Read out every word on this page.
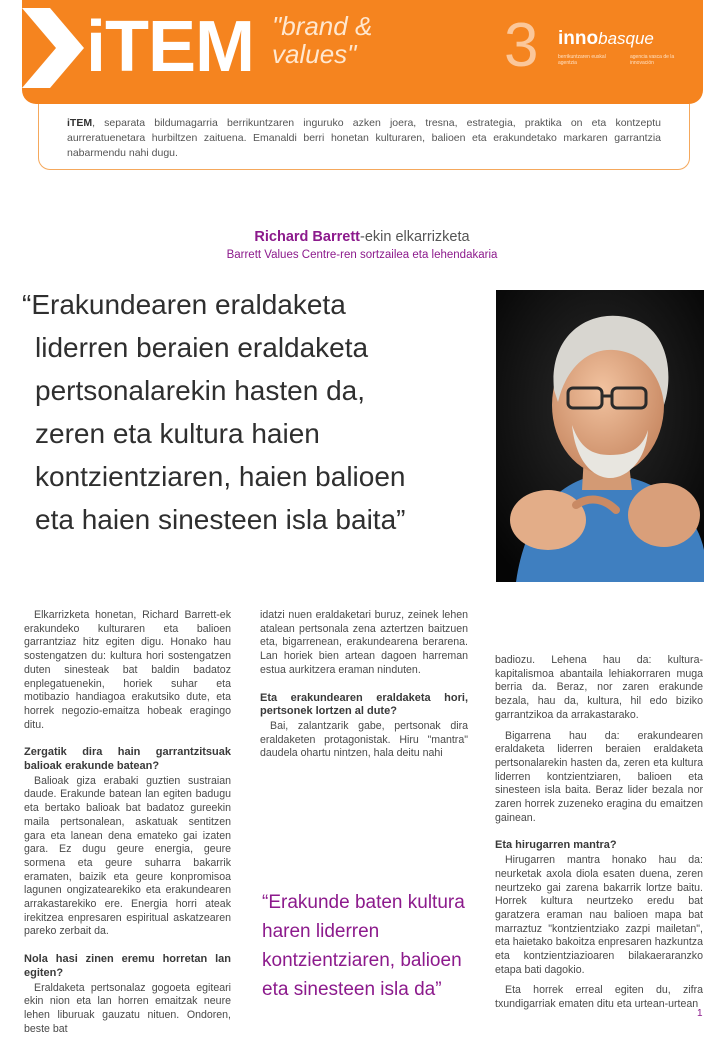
iTEM "brand & values"	3 innobasque
berrikuntzaren euskal agentzia
agencia vasca de la innovación
iTEM, separata bildumagarria berrikuntzaren inguruko azken joera, tresna, estrategia, praktika on eta kontzeptu aurreratuenetara hurbiltzen zaituena. Emanaldi berri honetan kulturaren, balioen eta erakundetako markaren garrantzia nabarmendu nahi dugu.
Richard Barrett-ekin elkarrizketa
Barrett Values Centre-ren sortzailea eta lehendakaria

“Erakundearen eraldaketa

liderren beraien eraldaketa

pertsonalarekin hasten da,

zeren eta kultura haien

kontzientziaren, haien balioen

eta haien sinesteen isla baita”

Elkarrizketa honetan, Richard Barrett-ek erakundeko kulturaren eta balioen garrantziaz hitz egiten digu. Honako hau sostengatzen du: kultura hori sostengatzen duten sinesteak bat baldin badatoz enplegatuenekin, horiek suhar eta motibazio handiagoa erakutsiko dute, eta horrek negozio-emaitza hobeak eragingo ditu.

Zergatik dira hain garrantzitsuak balioak erakunde batean?

Balioak giza erabaki guztien sustraian daude. Erakunde batean lan egiten badugu eta bertako balioak bat badatoz gureekin maila pertsonalean, askatuak sentitzen gara eta lanean dena emateko gai izaten gara. Ez dugu geure energia, geure sormena eta geure suharra bakarrik eramaten, baizik eta geure konpromisoa lagunen ongizatearekiko eta erakundearen arrakastarekiko ere. Energia horri ateak irekitzea enpresaren espiritual askatzearen pareko zerbait da.

Nola hasi zinen eremu horretan lan egiten?

Eraldaketa pertsonalaz gogoeta egiteari ekin nion eta lan horren emaitzak neure lehen liburuak gauzatu nituen. Ondoren, beste bat

idatzi nuen eraldaketari buruz, zeinek lehen atalean pertsonala zena aztertzen baitzuen eta, bigarrenean, erakundearena berarena. Lan horiek bien artean dagoen harreman estua aurkitzera eraman ninduten.

Eta erakundearen eraldaketa hori, pertsonek lortzen al dute?

Bai, zalantzarik gabe, pertsonak dira eraldaketen protagonistak. Hiru "mantra" daudela ohartu nintzen, hala deitu nahi

“Erakunde baten kultura
haren liderren
kontzientziaren, balioen
eta sinesteen isla da”

badiozu. Lehena hau da: kultura-kapitalismoa abantaila lehiakorraren muga berria da. Beraz, nor zaren erakunde bezala, hau da, kultura, hil edo biziko garrantzikoa da arrakastarako.

Bigarrena hau da: erakundearen eraldaketa liderren beraien eraldaketa pertsonalarekin hasten da, zeren eta kultura liderren kontzientziaren, balioen eta sinesteen isla baita. Beraz lider bezala nor zaren horrek zuzeneko eragina du emaitzen gainean.

Eta hirugarren mantra?

Hirugarren mantra honako hau da: neurketak axola diola esaten duena, zeren neurtzeko gai zarena bakarrik lortze baitu. Horrek kultura neurtzeko eredu bat garatzera eraman nau balioen mapa bat marraztuz "kontzientziako zazpi mailetan", eta haietako bakoitza enpresaren hazkuntza eta kontzientziazioaren bilakaeraranzko etapa bati dagokio.

Eta horrek erreal egiten du, zifra txundigarriak ematen ditu eta urtean-urtean

1
